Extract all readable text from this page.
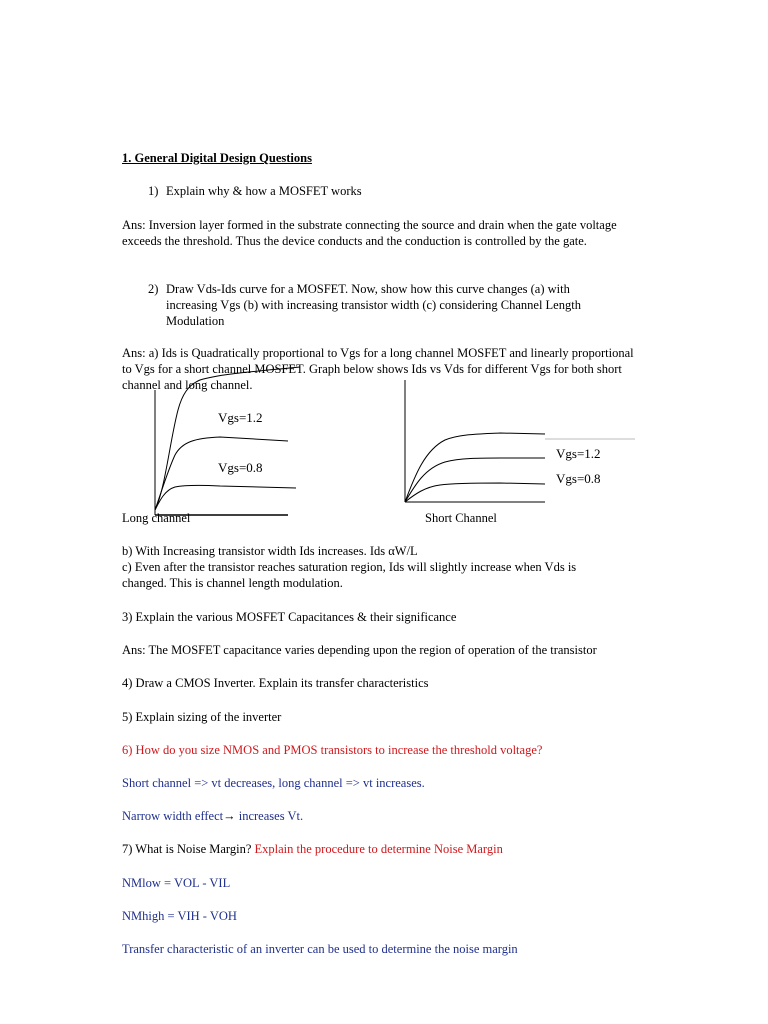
1. General Digital Design Questions
1) Explain why & how a MOSFET works
Ans: Inversion layer formed in the substrate connecting the source and drain when the gate voltage exceeds the threshold. Thus the device conducts and the conduction is controlled by the gate.
2) Draw Vds-Ids curve for a MOSFET. Now, show how this curve changes (a) with increasing Vgs (b) with increasing transistor width (c) considering Channel Length Modulation
Ans: a) Ids is Quadratically proportional to Vgs for a long channel MOSFET and linearly proportional to Vgs for a short channel MOSFET. Graph below shows Ids vs Vds for different Vgs for both short channel and long channel.
Vgs=1.2
Vgs=0.8
Long channel
Vgs=1.2
Vgs=0.8
Short Channel
b) With Increasing transistor width Ids increases. Ids αW/L
c) Even after the transistor reaches saturation region, Ids will slightly increase when Vds is changed. This is channel length modulation.
3) Explain the various MOSFET Capacitances & their significance
Ans: The MOSFET capacitance varies depending upon the region of operation of the transistor
4) Draw a CMOS Inverter. Explain its transfer characteristics
5) Explain sizing of the inverter
6) How do you size NMOS and PMOS transistors to increase the threshold voltage?
Short channel => vt decreases, long channel => vt increases.
Narrow width effect→ increases Vt.
7) What is Noise Margin? Explain the procedure to determine Noise Margin
NMlow = VOL - VIL
NMhigh = VIH - VOH
Transfer characteristic of an inverter can be used to determine the noise margin
